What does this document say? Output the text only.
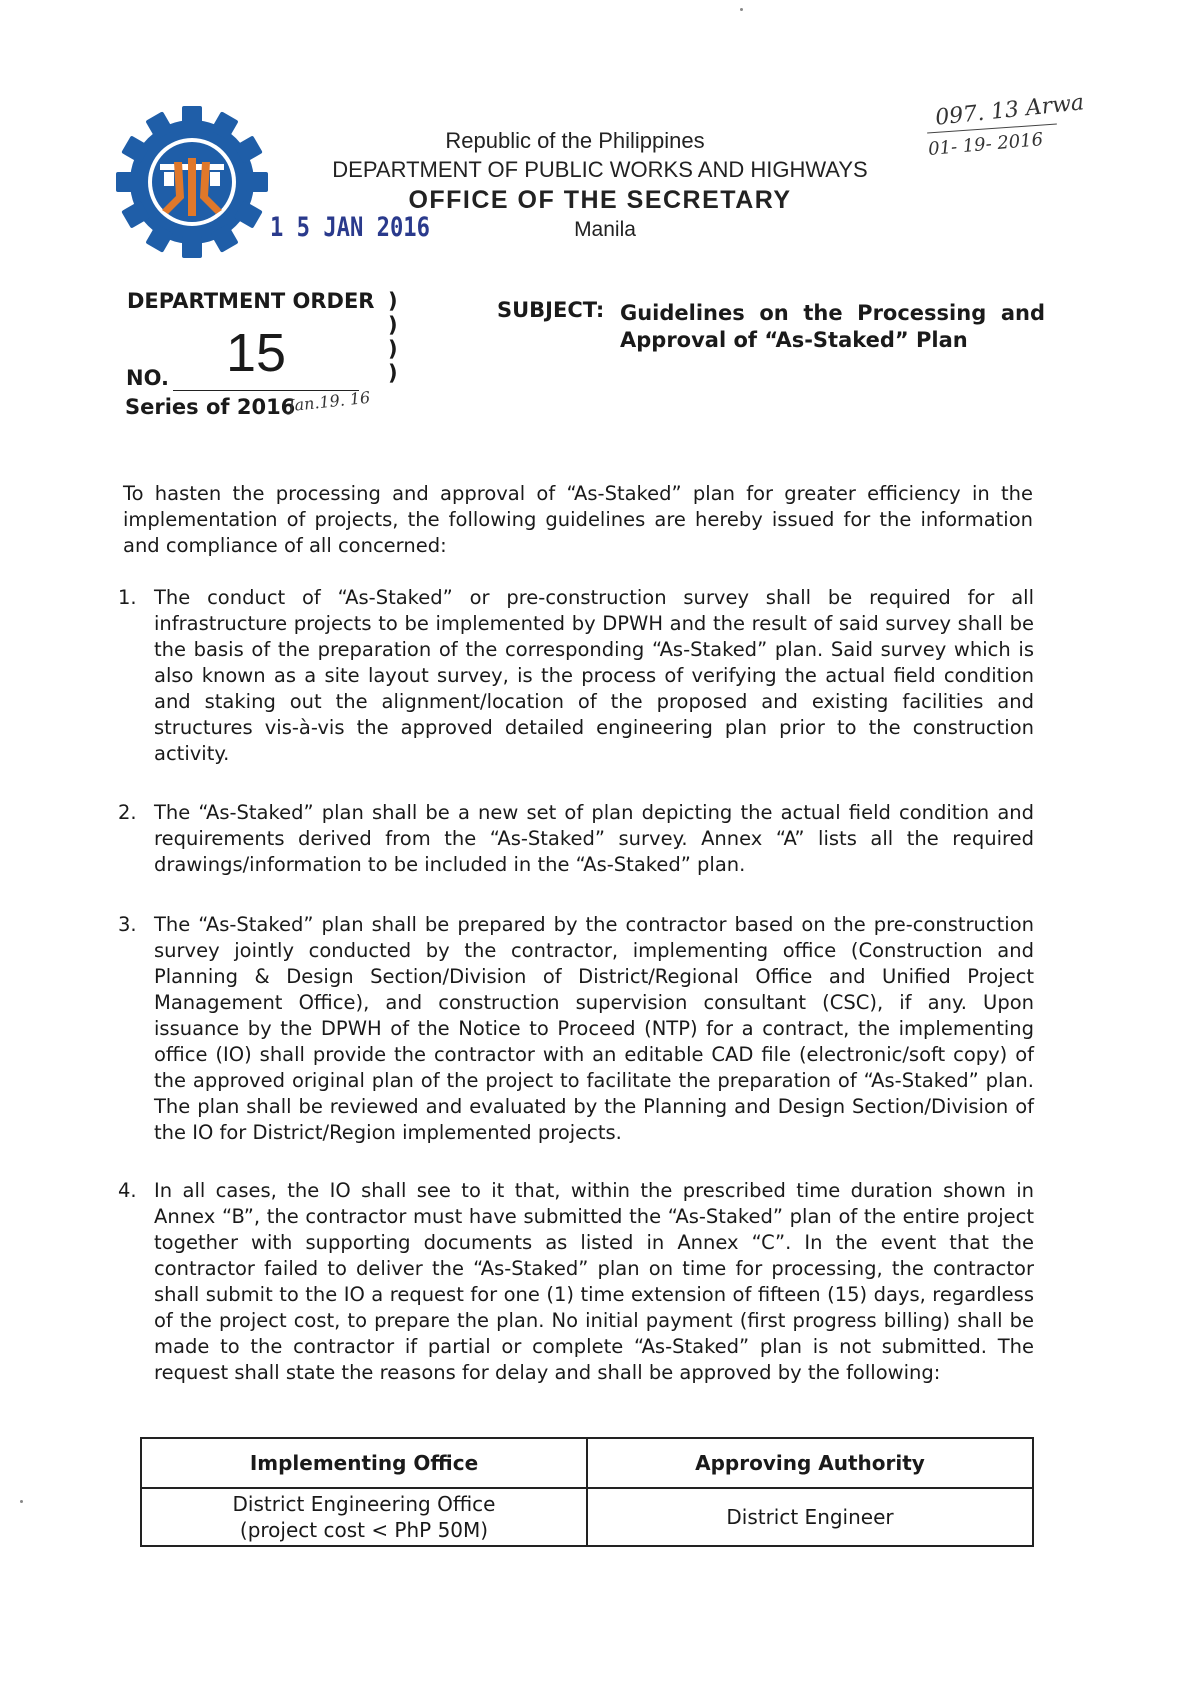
Republic of the Philippines
DEPARTMENT OF PUBLIC WORKS AND HIGHWAYS
OFFICE OF THE SECRETARY
Manila
1 5 JAN 2016
097. 13 Arwa
01- 19- 2016
DEPARTMENT ORDER )
)
)
)
NO. 15
Series of 2016
Jan.19. 16
SUBJECT: Guidelines on the Processing and Approval of “As-Staked” Plan
To hasten the processing and approval of “As-Staked” plan for greater efficiency in the implementation of projects, the following guidelines are hereby issued for the information and compliance of all concerned:
1. The conduct of “As-Staked” or pre-construction survey shall be required for all infrastructure projects to be implemented by DPWH and the result of said survey shall be the basis of the preparation of the corresponding “As-Staked” plan. Said survey which is also known as a site layout survey, is the process of verifying the actual field condition and staking out the alignment/location of the proposed and existing facilities and structures vis-à-vis the approved detailed engineering plan prior to the construction activity.
2. The “As-Staked” plan shall be a new set of plan depicting the actual field condition and requirements derived from the “As-Staked” survey. Annex “A” lists all the required drawings/information to be included in the “As-Staked” plan.
3. The “As-Staked” plan shall be prepared by the contractor based on the pre-construction survey jointly conducted by the contractor, implementing office (Construction and Planning & Design Section/Division of District/Regional Office and Unified Project Management Office), and construction supervision consultant (CSC), if any. Upon issuance by the DPWH of the Notice to Proceed (NTP) for a contract, the implementing office (IO) shall provide the contractor with an editable CAD file (electronic/soft copy) of the approved original plan of the project to facilitate the preparation of “As-Staked” plan. The plan shall be reviewed and evaluated by the Planning and Design Section/Division of the IO for District/Region implemented projects.
4. In all cases, the IO shall see to it that, within the prescribed time duration shown in Annex “B”, the contractor must have submitted the “As-Staked” plan of the entire project together with supporting documents as listed in Annex “C”. In the event that the contractor failed to deliver the “As-Staked” plan on time for processing, the contractor shall submit to the IO a request for one (1) time extension of fifteen (15) days, regardless of the project cost, to prepare the plan. No initial payment (first progress billing) shall be made to the contractor if partial or complete “As-Staked” plan is not submitted. The request shall state the reasons for delay and shall be approved by the following:
Implementing Office	Approving Authority

District Engineering Office
(project cost < PhP 50M)	District Engineer
